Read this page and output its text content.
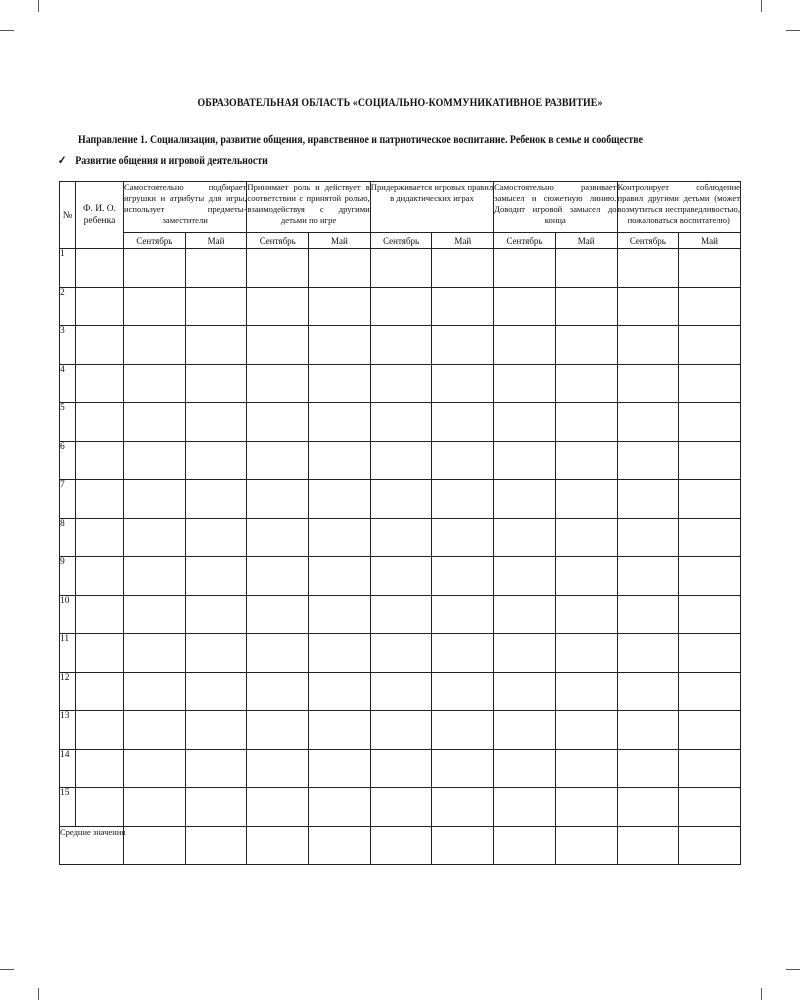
ОБРАЗОВАТЕЛЬНАЯ ОБЛАСТЬ «СОЦИАЛЬНО-КОММУНИКАТИВНОЕ РАЗВИТИЕ»
Направление 1. Социализация, развитие общения, нравственное и патриотическое воспитание. Ребенок в семье и сообществе
✓ Развитие общения и игровой деятельности
№	Ф. И. О. ребенка	Самостоятельно подбирает игрушки и атрибуты для игры, использует предметы-заместители		Принимает роль и действует в соответствии с принятой ролью, взаимодействуя с другими детьми по игре		Придерживается игровых правил в дидактических играх		Самостоятельно развивает замысел и сюжетную линию. Доводит игровой замысел до конца		Контролирует соблюдение правил другими детьми (может возмутиться несправедливостью, пожаловаться воспитателю)	
		Сентябрь	Май	Сентябрь	Май	Сентябрь	Май	Сентябрь	Май	Сентябрь	Май
1											
2											
3											
4											
5											
6											
7											
8											
9											
10											
11											
12											
13											
14											
15											
Средние значения											
